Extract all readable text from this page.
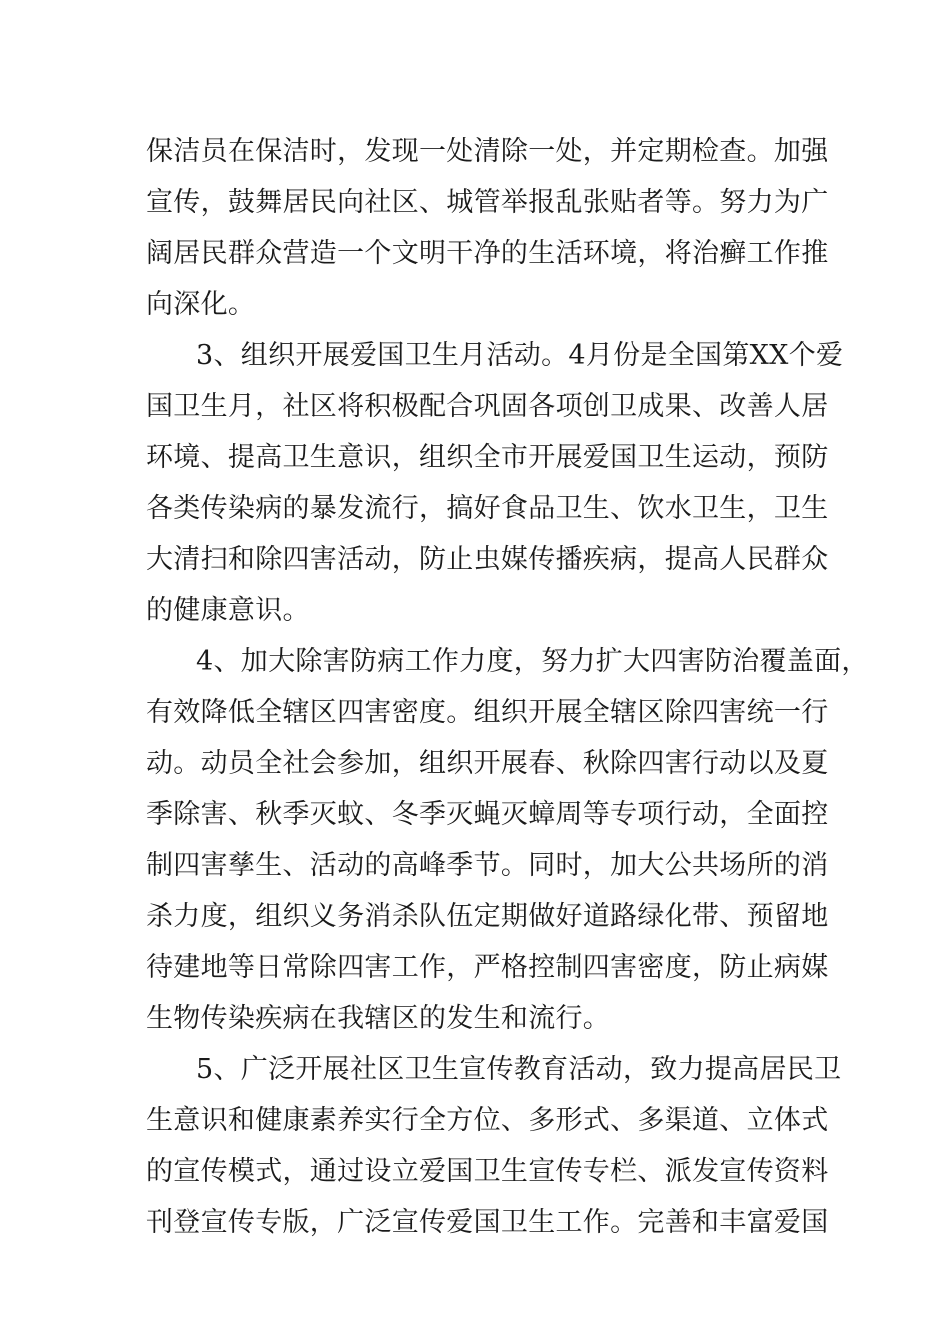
保洁员在保洁时，发现一处清除一处，并定期检查。加强
宣传，鼓舞居民向社区、城管举报乱张贴者等。努力为广
阔居民群众营造一个文明干净的生活环境，将治癣工作推
向深化。
3、组织开展爱国卫生月活动。4月份是全国第XX个爱
国卫生月，社区将积极配合巩固各项创卫成果、改善人居
环境、提高卫生意识，组织全市开展爱国卫生运动，预防
各类传染病的暴发流行，搞好食品卫生、饮水卫生，卫生
大清扫和除四害活动，防止虫媒传播疾病，提高人民群众
的健康意识。
4、加大除害防病工作力度，努力扩大四害防治覆盖面，
有效降低全辖区四害密度。组织开展全辖区除四害统一行
动。动员全社会参加，组织开展春、秋除四害行动以及夏
季除害、秋季灭蚊、冬季灭蝇灭蟑周等专项行动，全面控
制四害孳生、活动的高峰季节。同时，加大公共场所的消
杀力度，组织义务消杀队伍定期做好道路绿化带、预留地
待建地等日常除四害工作，严格控制四害密度，防止病媒
生物传染疾病在我辖区的发生和流行。
5、广泛开展社区卫生宣传教育活动，致力提高居民卫
生意识和健康素养实行全方位、多形式、多渠道、立体式
的宣传模式，通过设立爱国卫生宣传专栏、派发宣传资料
刊登宣传专版，广泛宣传爱国卫生工作。完善和丰富爱国
